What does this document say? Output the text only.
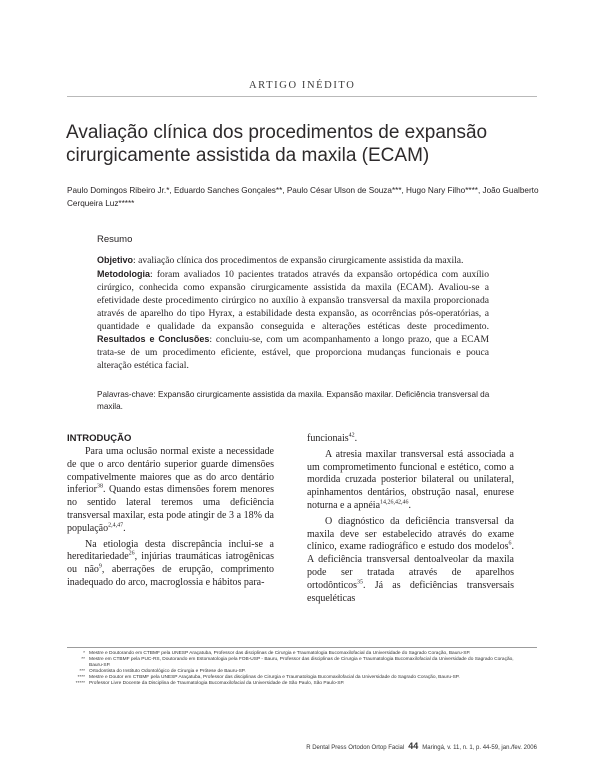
ARTIGO INÉDITO
Avaliação clínica dos procedimentos de expansão cirurgicamente assistida da maxila (ECAM)
Paulo Domingos Ribeiro Jr.*, Eduardo Sanches Gonçales**, Paulo César Ulson de Souza***, Hugo Nary Filho****, João Gualberto Cerqueira Luz*****
Resumo
Objetivo: avaliação clínica dos procedimentos de expansão cirurgicamente assistida da maxila.
Metodologia: foram avaliados 10 pacientes tratados através da expansão ortopédica com auxílio cirúrgico, conhecida como expansão cirurgicamente assistida da maxila (ECAM). Avaliou-se a efetividade deste procedimento cirúrgico no auxílio à expansão transversal da maxila proporcionada através de aparelho do tipo Hyrax, a estabilidade desta expansão, as ocorrências pós-operatórias, a quantidade e qualidade da expansão conseguida e alterações estéticas deste procedimento. Resultados e Conclusões: concluiu-se, com um acompanhamento a longo prazo, que a ECAM trata-se de um procedimento eficiente, estável, que proporciona mudanças funcionais e pouca alteração estética facial.
Palavras-chave: Expansão cirurgicamente assistida da maxila. Expansão maxilar. Deficiência transversal da maxila.
INTRODUÇÃO

Para uma oclusão normal existe a necessidade de que o arco dentário superior guarde dimensões compativelmente maiores que as do arco dentário inferior$^{38}$. Quando estas dimensões forem menores no sentido lateral teremos uma deficiência transversal maxilar, esta pode atingir de 3 a 18% da população$^{2,4,47}$.

Na etiologia desta discrepância inclui-se a hereditariedade$^{26}$, injúrias traumáticas iatrogênicas ou não$^9$, aberrações de erupção, comprimento inadequado do arco, macroglossia e hábitos para-

funcionais$^{42}$.

A atresia maxilar transversal está associada a um comprometimento funcional e estético, como a mordida cruzada posterior bilateral ou unilateral, apinhamentos dentários, obstrução nasal, enurese noturna e a apnéia$^{14,26,42,46}$.

O diagnóstico da deficiência transversal da maxila deve ser estabelecido através do exame clínico, exame radiográfico e estudo dos modelos$^6$. A deficiência transversal dentoalveolar da maxila pode ser tratada através de aparelhos ortodônticos$^{35}$. Já as deficiências transversais esqueléticas

* Mestre e Doutorando em CTBMF pela UNESP Araçatuba, Professor das disciplinas de Cirurgia e Traumatologia Bucomaxilofacial da Universidade do Sagrado Coração, Bauru-SP.
** Mestre em CTBMF pela PUC-RS, Doutorando em Estomatologia pela FOB-USP - Bauru, Professor das disciplinas de Cirurgia e Traumatologia Bucomaxilofacial da Universidade do Sagrado Coração, Bauru-SP.
*** Ortodontista do Instituto Odontológico de Cirurgia e Prótese de Bauru-SP.
**** Mestre e Doutor em CTBMF pela UNESP Araçatuba, Professor das disciplinas de Cirurgia e Traumatologia Bucomaxilofacial da Universidade do Sagrado Coração, Bauru-SP.
***** Professor Livre Docente da Disciplina de Traumatologia Bucomaxilofacial da Universidade de São Paulo, São Paulo-SP.
R Dental Press Ortodon Ortop Facial 44 Maringá, v. 11, n. 1, p. 44-59, jan./fev. 2006
